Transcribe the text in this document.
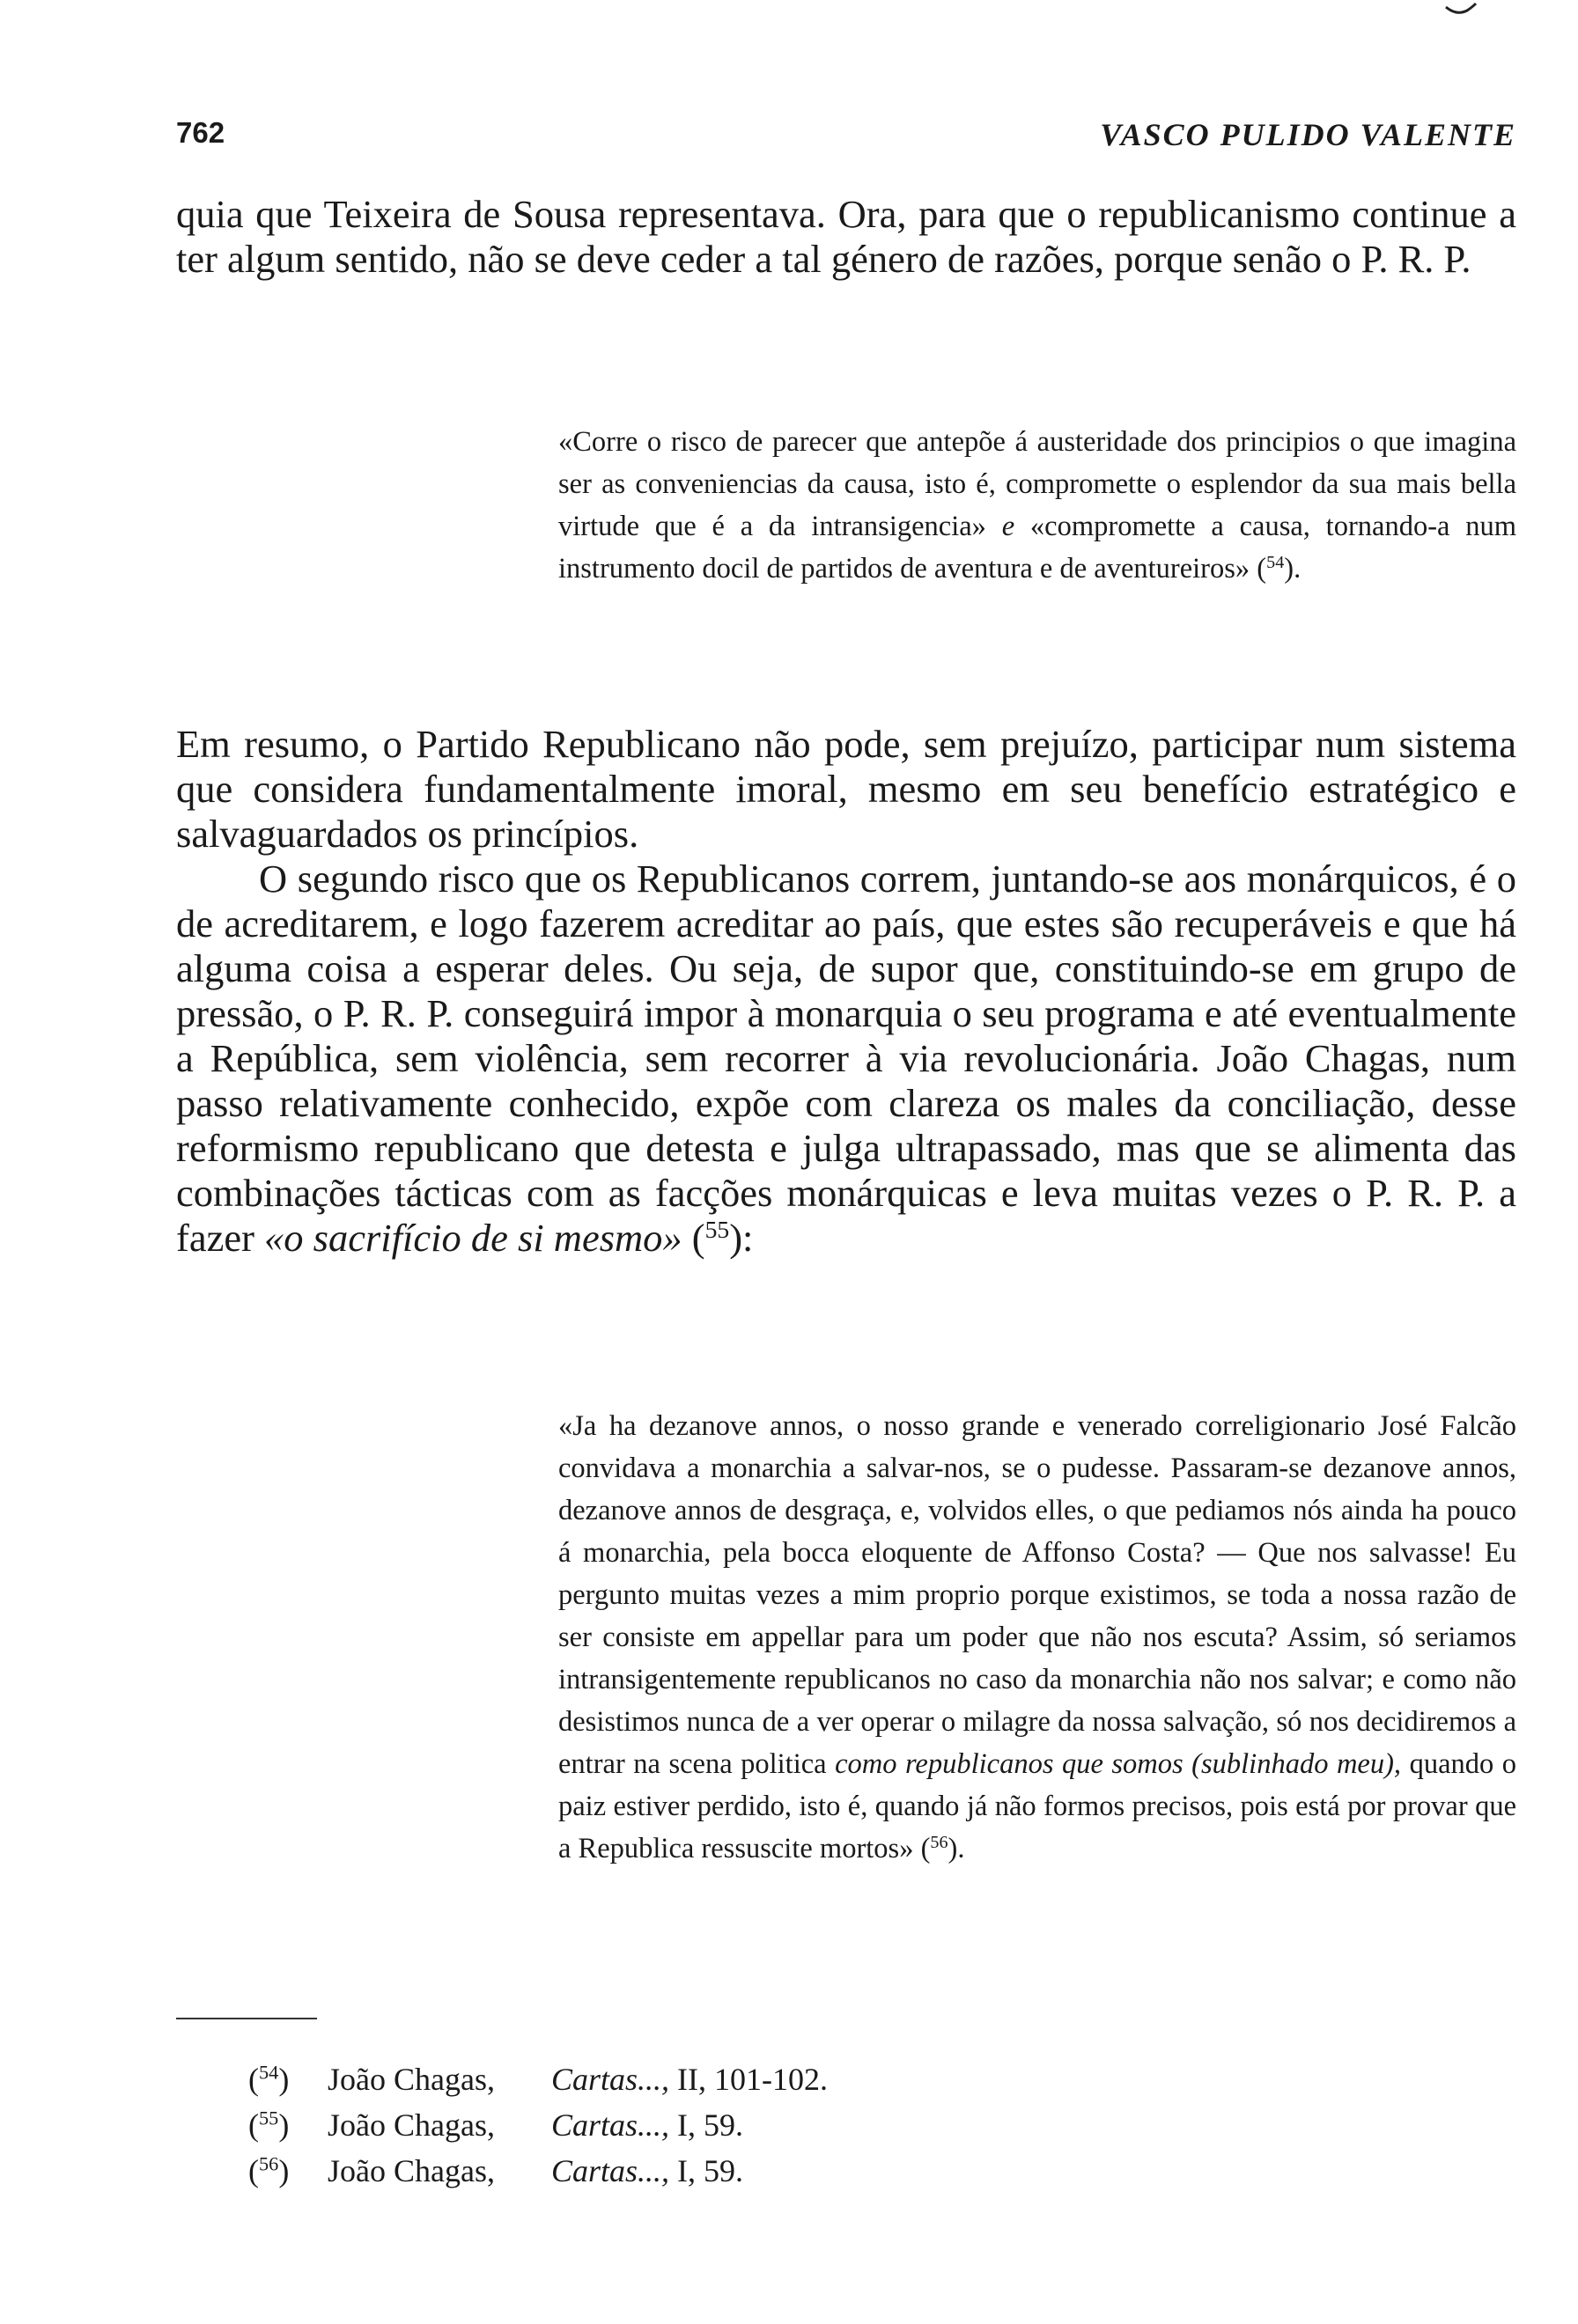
762	VASCO PULIDO VALENTE

quia que Teixeira de Sousa representava. Ora, para que o republicanismo continue a ter algum sentido, não se deve ceder a tal género de razões, porque senão o P. R. P.

«Corre o risco de parecer que antepõe á austeridade dos principios o que imagina ser as conveniencias da causa, isto é, compromette o esplendor da sua mais bella virtude que é a da intransigencia» e «compromette a causa, tornando-a num instrumento docil de partidos de aventura e de aventureiros» ($^{54}$).

Em resumo, o Partido Republicano não pode, sem prejuízo, participar num sistema que considera fundamentalmente imoral, mesmo em seu benefício estratégico e salvaguardados os princípios.

O segundo risco que os Republicanos correm, juntando-se aos monárquicos, é o de acreditarem, e logo fazerem acreditar ao país, que estes são recuperáveis e que há alguma coisa a esperar deles. Ou seja, de supor que, constituindo-se em grupo de pressão, o P. R. P. conseguirá impor à monarquia o seu programa e até eventualmente a República, sem violência, sem recorrer à via revolucionária. João Chagas, num passo relativamente conhecido, expõe com clareza os males da conciliação, desse reformismo republicano que detesta e julga ultrapassado, mas que se alimenta das combinações tácticas com as facções monárquicas e leva muitas vezes o P. R. P. a fazer «o sacrifício de si mesmo» ($^{55}$):

«Ja ha dezanove annos, o nosso grande e venerado correligionario José Falcão convidava a monarchia a salvar-nos, se o pudesse. Passaram-se dezanove annos, dezanove annos de desgraça, e, volvidos elles, o que pediamos nós ainda ha pouco á monarchia, pela bocca eloquente de Affonso Costa? — Que nos salvasse! Eu pergunto muitas vezes a mim proprio porque existimos, se toda a nossa razão de ser consiste em appellar para um poder que não nos escuta? Assim, só seriamos intransigentemente republicanos no caso da monarchia não nos salvar; e como não desistimos nunca de a ver operar o milagre da nossa salvação, só nos decidiremos a entrar na scena politica como republicanos que somos (sublinhado meu), quando o paiz estiver perdido, isto é, quando já não formos precisos, pois está por provar que a Republica ressuscite mortos» ($^{56}$).

($^{54}$) João Chagas, Cartas..., II, 101-102.
($^{55}$) João Chagas, Cartas..., I, 59.
($^{56}$) João Chagas, Cartas..., I, 59.
